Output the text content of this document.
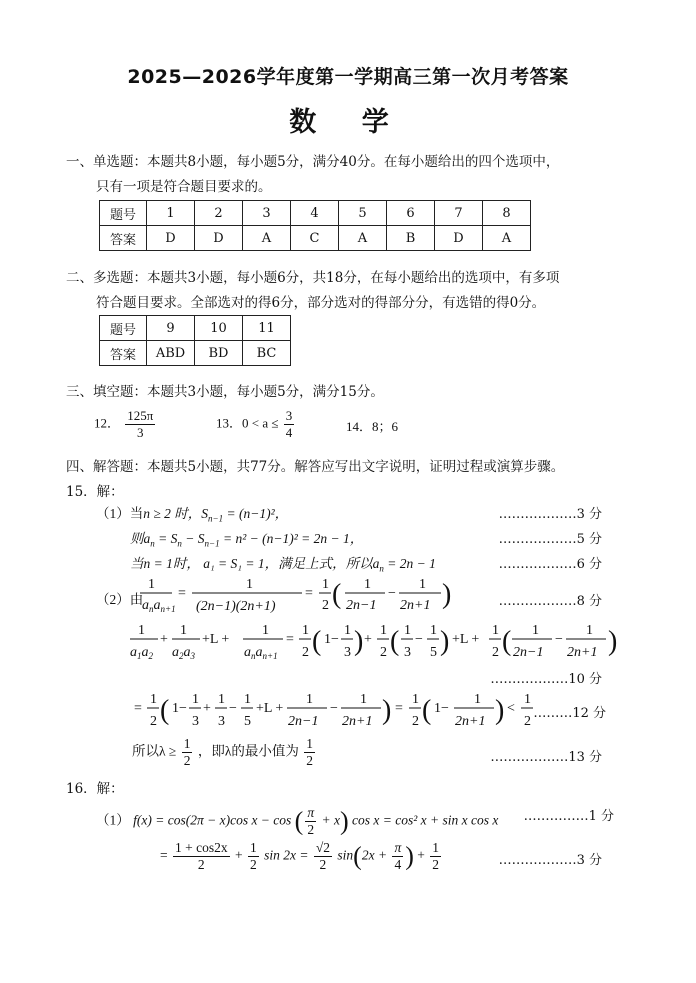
2025—2026学年度第一学期高三第一次月考答案
数 学
一、单选题：本题共8小题，每小题5分，满分40分。在每小题给出的四个选项中，
只有一项是符合题目要求的。
题号	1	2	3	4	5	6	7	8
答案	D	D	A	C	A	B	D	A
二、多选题：本题共3小题，每小题6分，共18分，在每小题给出的选项中，有多项
符合题目要求。全部选对的得6分，部分选对的得部分分，有选错的得0分。
题号	9	10	11
答案	ABD	BD	BC
三、填空题：本题共3小题，每小题5分，满分15分。
12． $\frac{125\pi}{3}$	13．$0 < a \le \frac{3}{4}$	14．8；6
四、解答题：本题共5小题，共77分。解答应写出文字说明，证明过程或演算步骤。
15．解：
（1）当n ≥ 2 时，$S_{n-1} = (n-1)^2$，	………………3 分
则$a_n = S_n - S_{n-1} = n^2 - (n-1)^2 = 2n - 1$，	………………5 分
当n = 1时， a₁ = S₁ = 1，满足上式，所以$a_n = 2n - 1$	………………6 分
（2）由
1
$a_na_{n+1}$
=
1
(2n−1)(2n+1)
=
1
2 ( 1
2n−1
−
1
2n+1 )
1
$a_1a_2$
+
1
$a_2a_3$
+L +
1
$a_na_{n+1}$
=
1
2 ( 1−
1
3 ) +
1
2 ( 1
3
−
1
5 ) +L +
1
2 ( 1
2n−1
−
1
2n+1 )
=
1
2 ( 1−
1
3
+
1
3
−
1
5
+L +
1
2n−1
−
1
2n+1 ) =
1
2 ( 1−
1
2n+1 ) <
1
2
………………8 分
………………10 分
………12 分
所以$\lambda \ge \frac{1}{2}$ ，即λ的最小值为 $\frac{1}{2}$	………………13 分
16．解：
（1） f(x) = cos(2π − x)cos x − cos ( $\frac{\pi}{2} + x$) cos x = cos² x + sin x cos x ……………1 分
= $\frac{1 + \cos 2x}{2} + \frac{1}{2}$ $\sin 2x = \frac{√2}{2} \sin(2x + \frac{\pi}{4}$ ) + $\frac{1}{2}$	………………3 分
